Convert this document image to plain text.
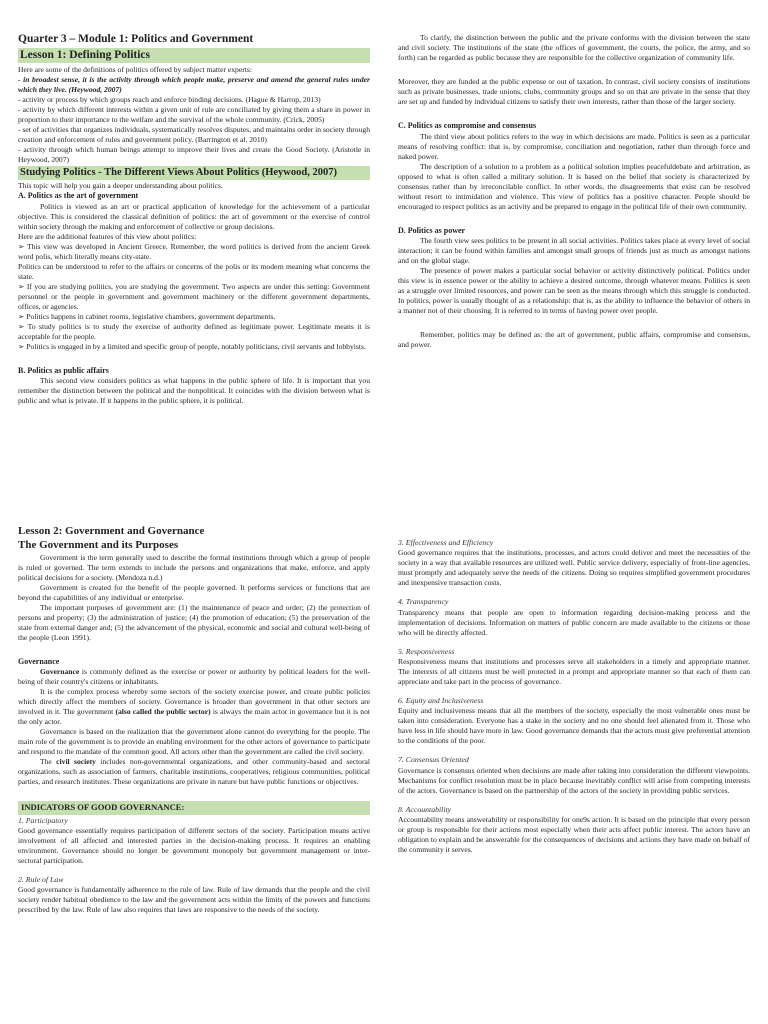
Quarter 3 – Module 1: Politics and Government
Lesson 1: Defining Politics

Here are some of the definitions of politics offered by subject matter experts:

- in broadest sense, it is the activity through which people make, preserve and amend the general rules under which they live. (Heywood, 2007)

- activity or process by which groups reach and enforce binding decisions. (Hague & Harrop, 2013)

- activity by which different interests within a given unit of rule are conciliated by giving them a share in power in proportion to their importance to the welfare and the survival of the whole community. (Crick, 2005)

- set of activities that organizes individuals, systematically resolves disputes, and maintains order in society through creation and enforcement of rules and government policy. (Barrington et al. 2010)

- activity through which human beings attempt to improve their lives and create the Good Society. (Aristotle in Heywood, 2007)

Studying Politics - The Different Views About Politics (Heywood, 2007)

This topic will help you gain a deeper understanding about politics.

A. Politics as the art of government

Politics is viewed as an art or practical application of knowledge for the achievement of a particular objective. This is considered the classical definition of politics: the art of government or the exercise of control within society through the making and enforcement of collective or group decisions.

Here are the additional features of this view about politics:

➢ This view was developed in Ancient Greece. Remember, the word politics is derived from the ancient Greek word polis, which literally means city-state.

Politics can be understood to refer to the affairs or concerns of the polis or its modern meaning what concerns the state.

➢ If you are studying politics, you are studying the government. Two aspects are under this setting: Government personnel or the people in government and government machinery or the different government departments, offices, or agencies.

➢ Politics happens in cabinet rooms, legislative chambers, government departments.

➢ To study politics is to study the exercise of authority defined as legitimate power. Legitimate means it is acceptable for the people.

➢ Politics is engaged in by a limited and specific group of people, notably politicians, civil servants and lobbyists.

B. Politics as public affairs

This second view considers politics as what happens in the public sphere of life. It is important that you remember the distinction between the political and the nonpolitical. It coincides with the division between what is public and what is private. If it happens in the public sphere, it is political.

To clarify, the distinction between the public and the private conforms with the division between the state and civil society. The institutions of the state (the offices of government, the courts, the police, the army, and so forth) can be regarded as public because they are responsible for the collective organization of community life.

Moreover, they are funded at the public expense or out of taxation. In contrast, civil society consists of institutions such as private businesses, trade unions, clubs, community groups and so on that are private in the sense that they are set up and funded by individual citizens to satisfy their own interests, rather than those of the larger society.

C. Politics as compromise and consensus

The third view about politics refers to the way in which decisions are made. Politics is seen as a particular means of resolving conflict: that is, by compromise, conciliation and negotiation, rather than through force and naked power.

The description of a solution to a problem as a political solution implies peacefuldebate and arbitration, as opposed to what is often called a military solution. It is based on the belief that society is characterized by consensus rather than by irreconcilable conflict. In other words, the disagreements that exist can be resolved without resort to intimidation and violence. This view of politics has a positive character. People should be encouraged to respect politics as an activity and be prepared to engage in the political life of their own community.

D. Politics as power

The fourth view sees politics to be present in all social activities. Politics takes place at every level of social interaction; it can be found within families and amongst small groups of friends just as much as amongst nations and on the global stage.

The presence of power makes a particular social behavior or activity distinctively political. Politics under this view is in essence power or the ability to achieve a desired outcome, through whatever means. Politics is seen as a struggle over limited resources, and power can be seen as the means through which this struggle is conducted. In politics, power is usually thought of as a relationship: that is, as the ability to influence the behavior of others in a manner not of their choosing. It is referred to in terms of having power over people.

Remember, politics may be defined as: the art of government, public affairs, compromise and consensus, and power.

Lesson 2: Government and Governance
The Government and its Purposes

Government is the term generally used to describe the formal institutions through which a group of people is ruled or governed. The term extends to include the persons and organizations that make, enforce, and apply political decisions for a society. (Mendoza n.d.)

Government is created for the benefit of the people governed. It performs services or functions that are beyond the capabilities of any individual or enterprise.

The important purposes of government are: (1) the maintenance of peace and order; (2) the protection of persons and property; (3) the administration of justice; (4) the promotion of education; (5) the preservation of the state from external danger and; (5) the advancement of the physical, economic and social and cultural well-being of the people (Leon 1991).

Governance

Governance is commonly defined as the exercise or power or authority by political leaders for the well-being of their country's citizens or inhabitants.

It is the complex process whereby some sectors of the society exercise power, and create public policies which directly affect the members of society. Governance is broader than government in that other sectors are involved in it. The government (also called the public sector) is always the main actor in governance but it is not the only actor.

Governance is based on the realization that the government alone cannot do everything for the people. The main role of the government is to provide an enabling environment for the other actors of governance to participate and respond to the mandate of the common good. All actors other than the government are called the civil society.

The civil society includes non-governmental organizations, and other community-based and sectoral organizations, such as association of farmers, charitable institutions, cooperatives, religious communities, political parties, and research institutes. These organizations are private in nature but have public functions or objectives.

INDICATORS OF GOOD GOVERNANCE:

1. Participatory

Good governance essentially requires participation of different sectors of the society. Participation means active involvement of all affected and interested parties in the decision-making process. It requires an enabling environment. Governance should no longer be government monopoly but government management or inter-sectoral participation.

2. Rule of Law

Good governance is fundamentally adherence to the rule of law. Rule of law demands that the people and the civil society render habitual obedience to the law and the government acts within the limits of the powers and functions prescribed by the law. Rule of law also requires that laws are responsive to the needs of the society.

3. Effectiveness and Efficiency

Good governance requires that the institutions, processes, and actors could deliver and meet the necessities of the society in a way that available resources are utilized well. Public service delivery, especially of front-line agencies, must promptly and adequately serve the needs of the citizens. Doing so requires simplified government procedures and inexpensive transaction costs.

4. Transparency

Transparency means that people are open to information regarding decision-making process and the implementation of decisions. Information on matters of public concern are made available to the citizens or those who will be directly affected.

5. Responsiveness

Responsiveness means that institutions and processes serve all stakeholders in a timely and appropriate manner. The interests of all citizens must be well protected in a prompt and appropriate manner so that each of them can appreciate and take part in the process of governance.

6. Equity and Inclusiveness

Equity and inclusiveness means that all the members of the society, especially the most vulnerable ones must be taken into consideration. Everyone has a stake in the society and no one should feel alienated from it. Those who have less in life should have more in law. Good governance demands that the actors must give preferential attention to the conditions of the poor.

7. Consensus Oriented

Governance is consensus oriented when decisions are made after taking into consideration the different viewpoints. Mechanisms for conflict resolution must be in place because inevitably conflict will arise from competing interests of the actors. Governance is based on the partnership of the actors of the society in providing public services.

8. Accountability

Accountability means answerability or responsibility for one9s action. It is based on the principle that every person or group is responsible for their actions most especially when their acts affect public interest. The actors have an obligation to explain and be answerable for the consequences of decisions and actions they have made on behalf of the community it serves.
